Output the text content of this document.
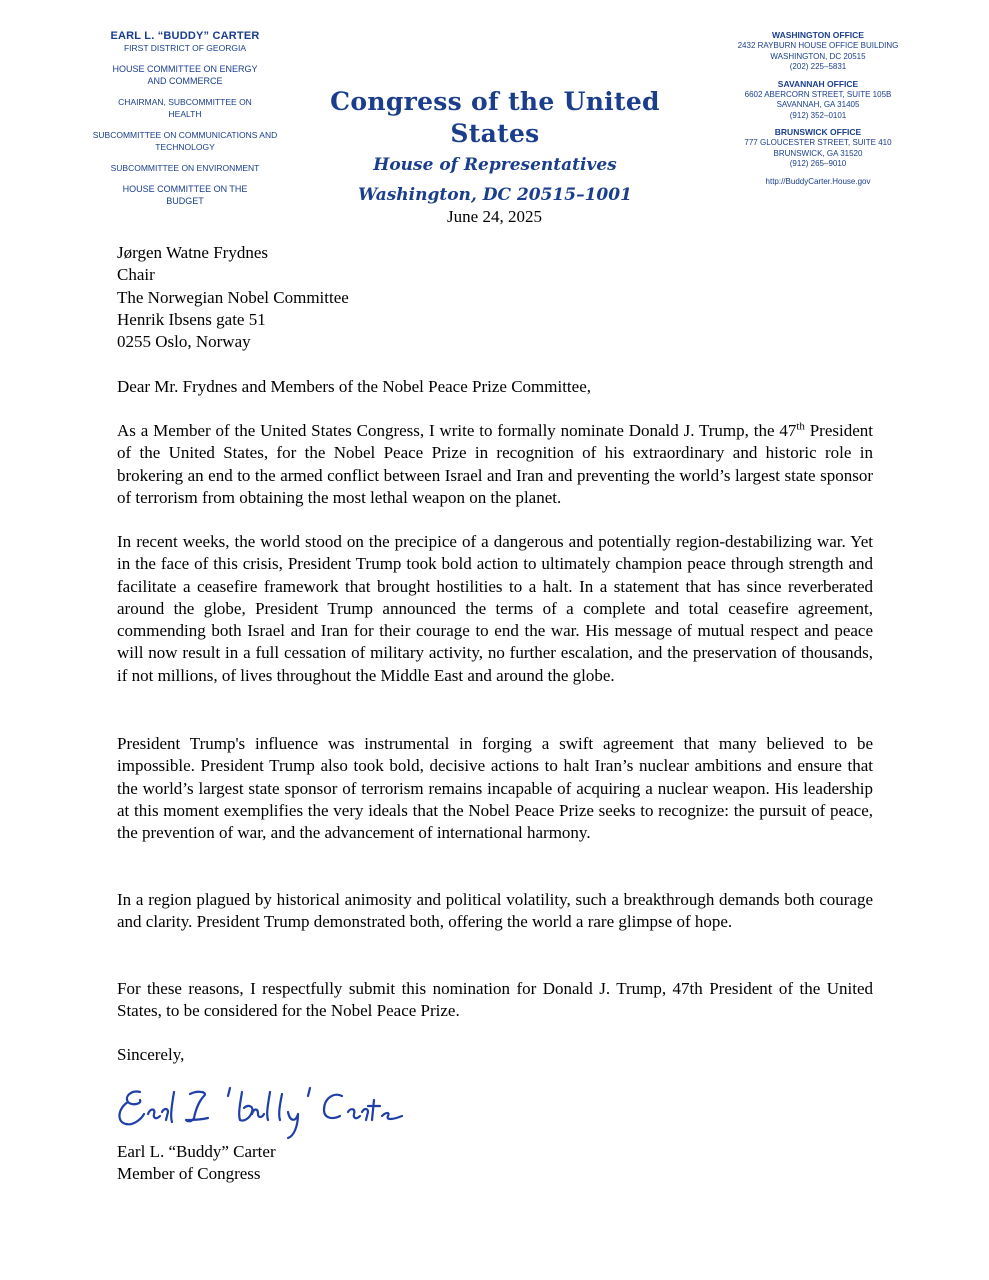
EARL L. “BUDDY” CARTER
FIRST DISTRICT OF GEORGIA
HOUSE COMMITTEE ON ENERGY AND COMMERCE
CHAIRMAN, SUBCOMMITTEE ON HEALTH
SUBCOMMITTEE ON COMMUNICATIONS AND TECHNOLOGY
SUBCOMMITTEE ON ENVIRONMENT
HOUSE COMMITTEE ON THE BUDGET
Congress of the United States
House of Representatives
Washington, DC 20515–1001
WASHINGTON OFFICE
2432 RAYBURN HOUSE OFFICE BUILDING
WASHINGTON, DC 20515
(202) 225–5831
SAVANNAH OFFICE
6602 ABERCORN STREET, SUITE 105B
SAVANNAH, GA 31405
(912) 352–0101
BRUNSWICK OFFICE
777 GLOUCESTER STREET, SUITE 410
BRUNSWICK, GA 31520
(912) 265–9010
http://BuddyCarter.House.gov
June 24, 2025
Jørgen Watne Frydnes
Chair
The Norwegian Nobel Committee
Henrik Ibsens gate 51
0255 Oslo, Norway
Dear Mr. Frydnes and Members of the Nobel Peace Prize Committee,

As a Member of the United States Congress, I write to formally nominate Donald J. Trump, the 47th President of the United States, for the Nobel Peace Prize in recognition of his extraordinary and historic role in brokering an end to the armed conflict between Israel and Iran and preventing the world’s largest state sponsor of terrorism from obtaining the most lethal weapon on the planet.

In recent weeks, the world stood on the precipice of a dangerous and potentially region-destabilizing war. Yet in the face of this crisis, President Trump took bold action to ultimately champion peace through strength and facilitate a ceasefire framework that brought hostilities to a halt. In a statement that has since reverberated around the globe, President Trump announced the terms of a complete and total ceasefire agreement, commending both Israel and Iran for their courage to end the war. His message of mutual respect and peace will now result in a full cessation of military activity, no further escalation, and the preservation of thousands, if not millions, of lives throughout the Middle East and around the globe.

President Trump's influence was instrumental in forging a swift agreement that many believed to be impossible. President Trump also took bold, decisive actions to halt Iran’s nuclear ambitions and ensure that the world’s largest state sponsor of terrorism remains incapable of acquiring a nuclear weapon. His leadership at this moment exemplifies the very ideals that the Nobel Peace Prize seeks to recognize: the pursuit of peace, the prevention of war, and the advancement of international harmony.

In a region plagued by historical animosity and political volatility, such a breakthrough demands both courage and clarity. President Trump demonstrated both, offering the world a rare glimpse of hope.

For these reasons, I respectfully submit this nomination for Donald J. Trump, 47th President of the United States, to be considered for the Nobel Peace Prize.

Sincerely,
Earl L. “Buddy” Carter
Member of Congress
